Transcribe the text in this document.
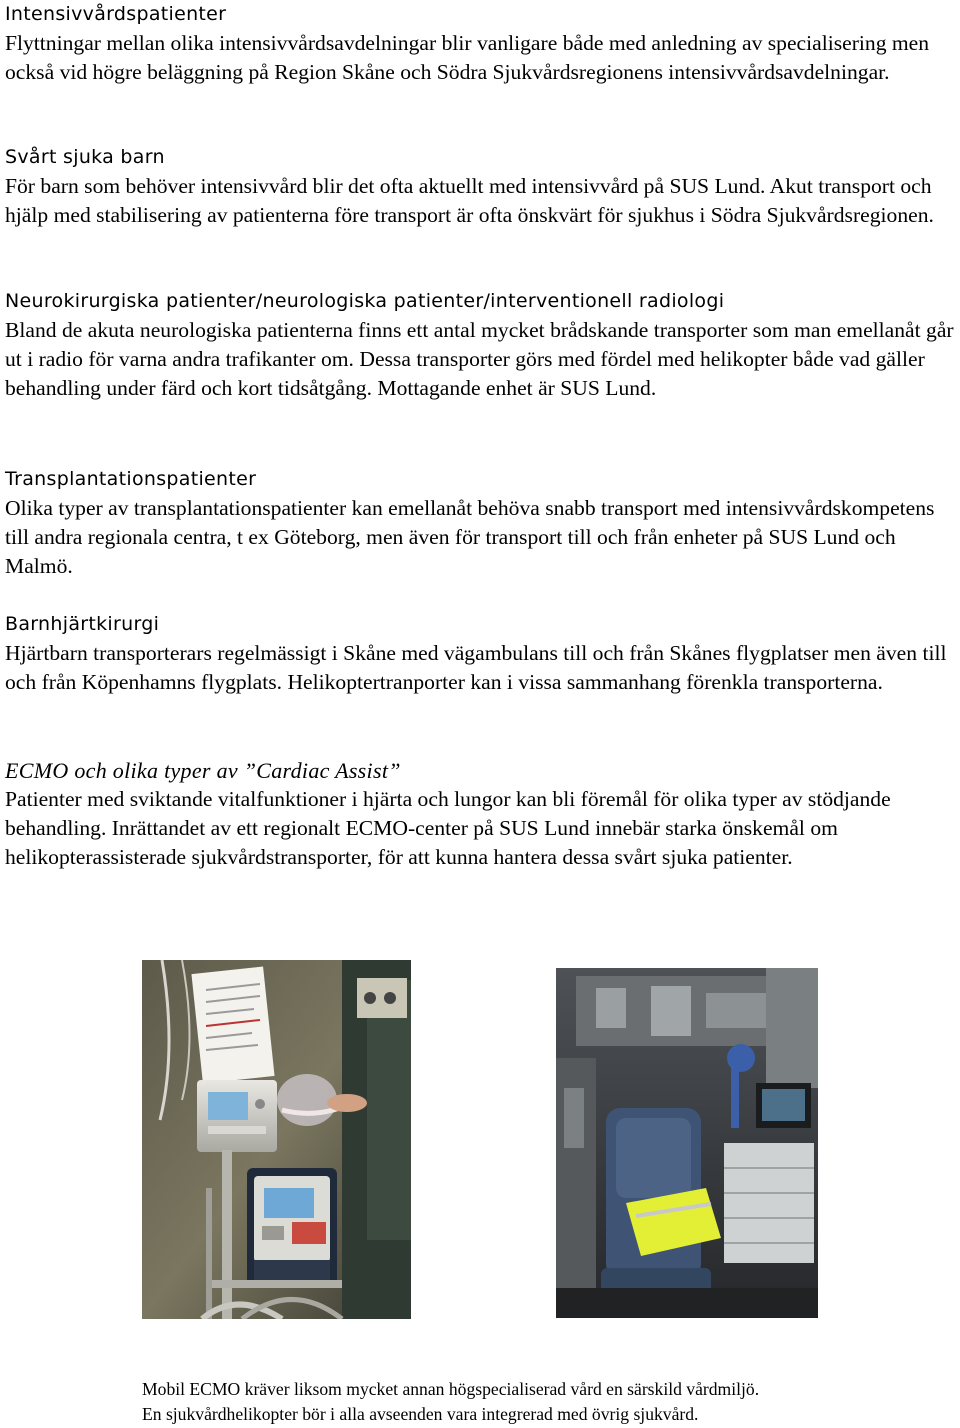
Intensivvårdspatienter
Flyttningar mellan olika intensivvårdsavdelningar blir vanligare både med anledning av specialisering men också vid högre beläggning på Region Skåne och Södra Sjukvårdsregionens intensivvårdsavdelningar.
Svårt sjuka barn
För barn som behöver intensivvård blir det ofta aktuellt med intensivvård på SUS Lund. Akut transport och hjälp med stabilisering av patienterna före transport är ofta önskvärt för sjukhus i Södra Sjukvårdsregionen.
Neurokirurgiska patienter/neurologiska patienter/interventionell radiologi
Bland de akuta neurologiska patienterna finns ett antal mycket brådskande transporter som man emellanåt går ut i radio för varna andra trafikanter om. Dessa transporter görs med fördel med helikopter både vad gäller behandling under färd och kort tidsåtgång. Mottagande enhet är SUS Lund.
Transplantationspatienter
Olika typer av transplantationspatienter kan emellanåt behöva snabb transport med intensivvårdskompetens till andra regionala centra, t ex Göteborg, men även för transport till och från enheter på SUS Lund och Malmö.
Barnhjärtkirurgi
Hjärtbarn transporterars regelmässigt i Skåne med vägambulans till och från Skånes flygplatser men även till och från Köpenhamns flygplats. Helikoptertranporter kan i vissa sammanhang förenkla transporterna.
ECMO och olika typer av ”Cardiac Assist”
Patienter med sviktande vitalfunktioner i hjärta och lungor kan bli föremål för olika typer av stödjande behandling. Inrättandet av ett regionalt ECMO-center på SUS Lund innebär starka önskemål om helikopterassisterade sjukvårdstransporter, för att kunna hantera dessa svårt sjuka patienter.
Mobil ECMO kräver liksom mycket annan högspecialiserad vård en särskild vårdmiljö.
En sjukvårdhelikopter bör i alla avseenden vara integrerad med övrig sjukvård.
